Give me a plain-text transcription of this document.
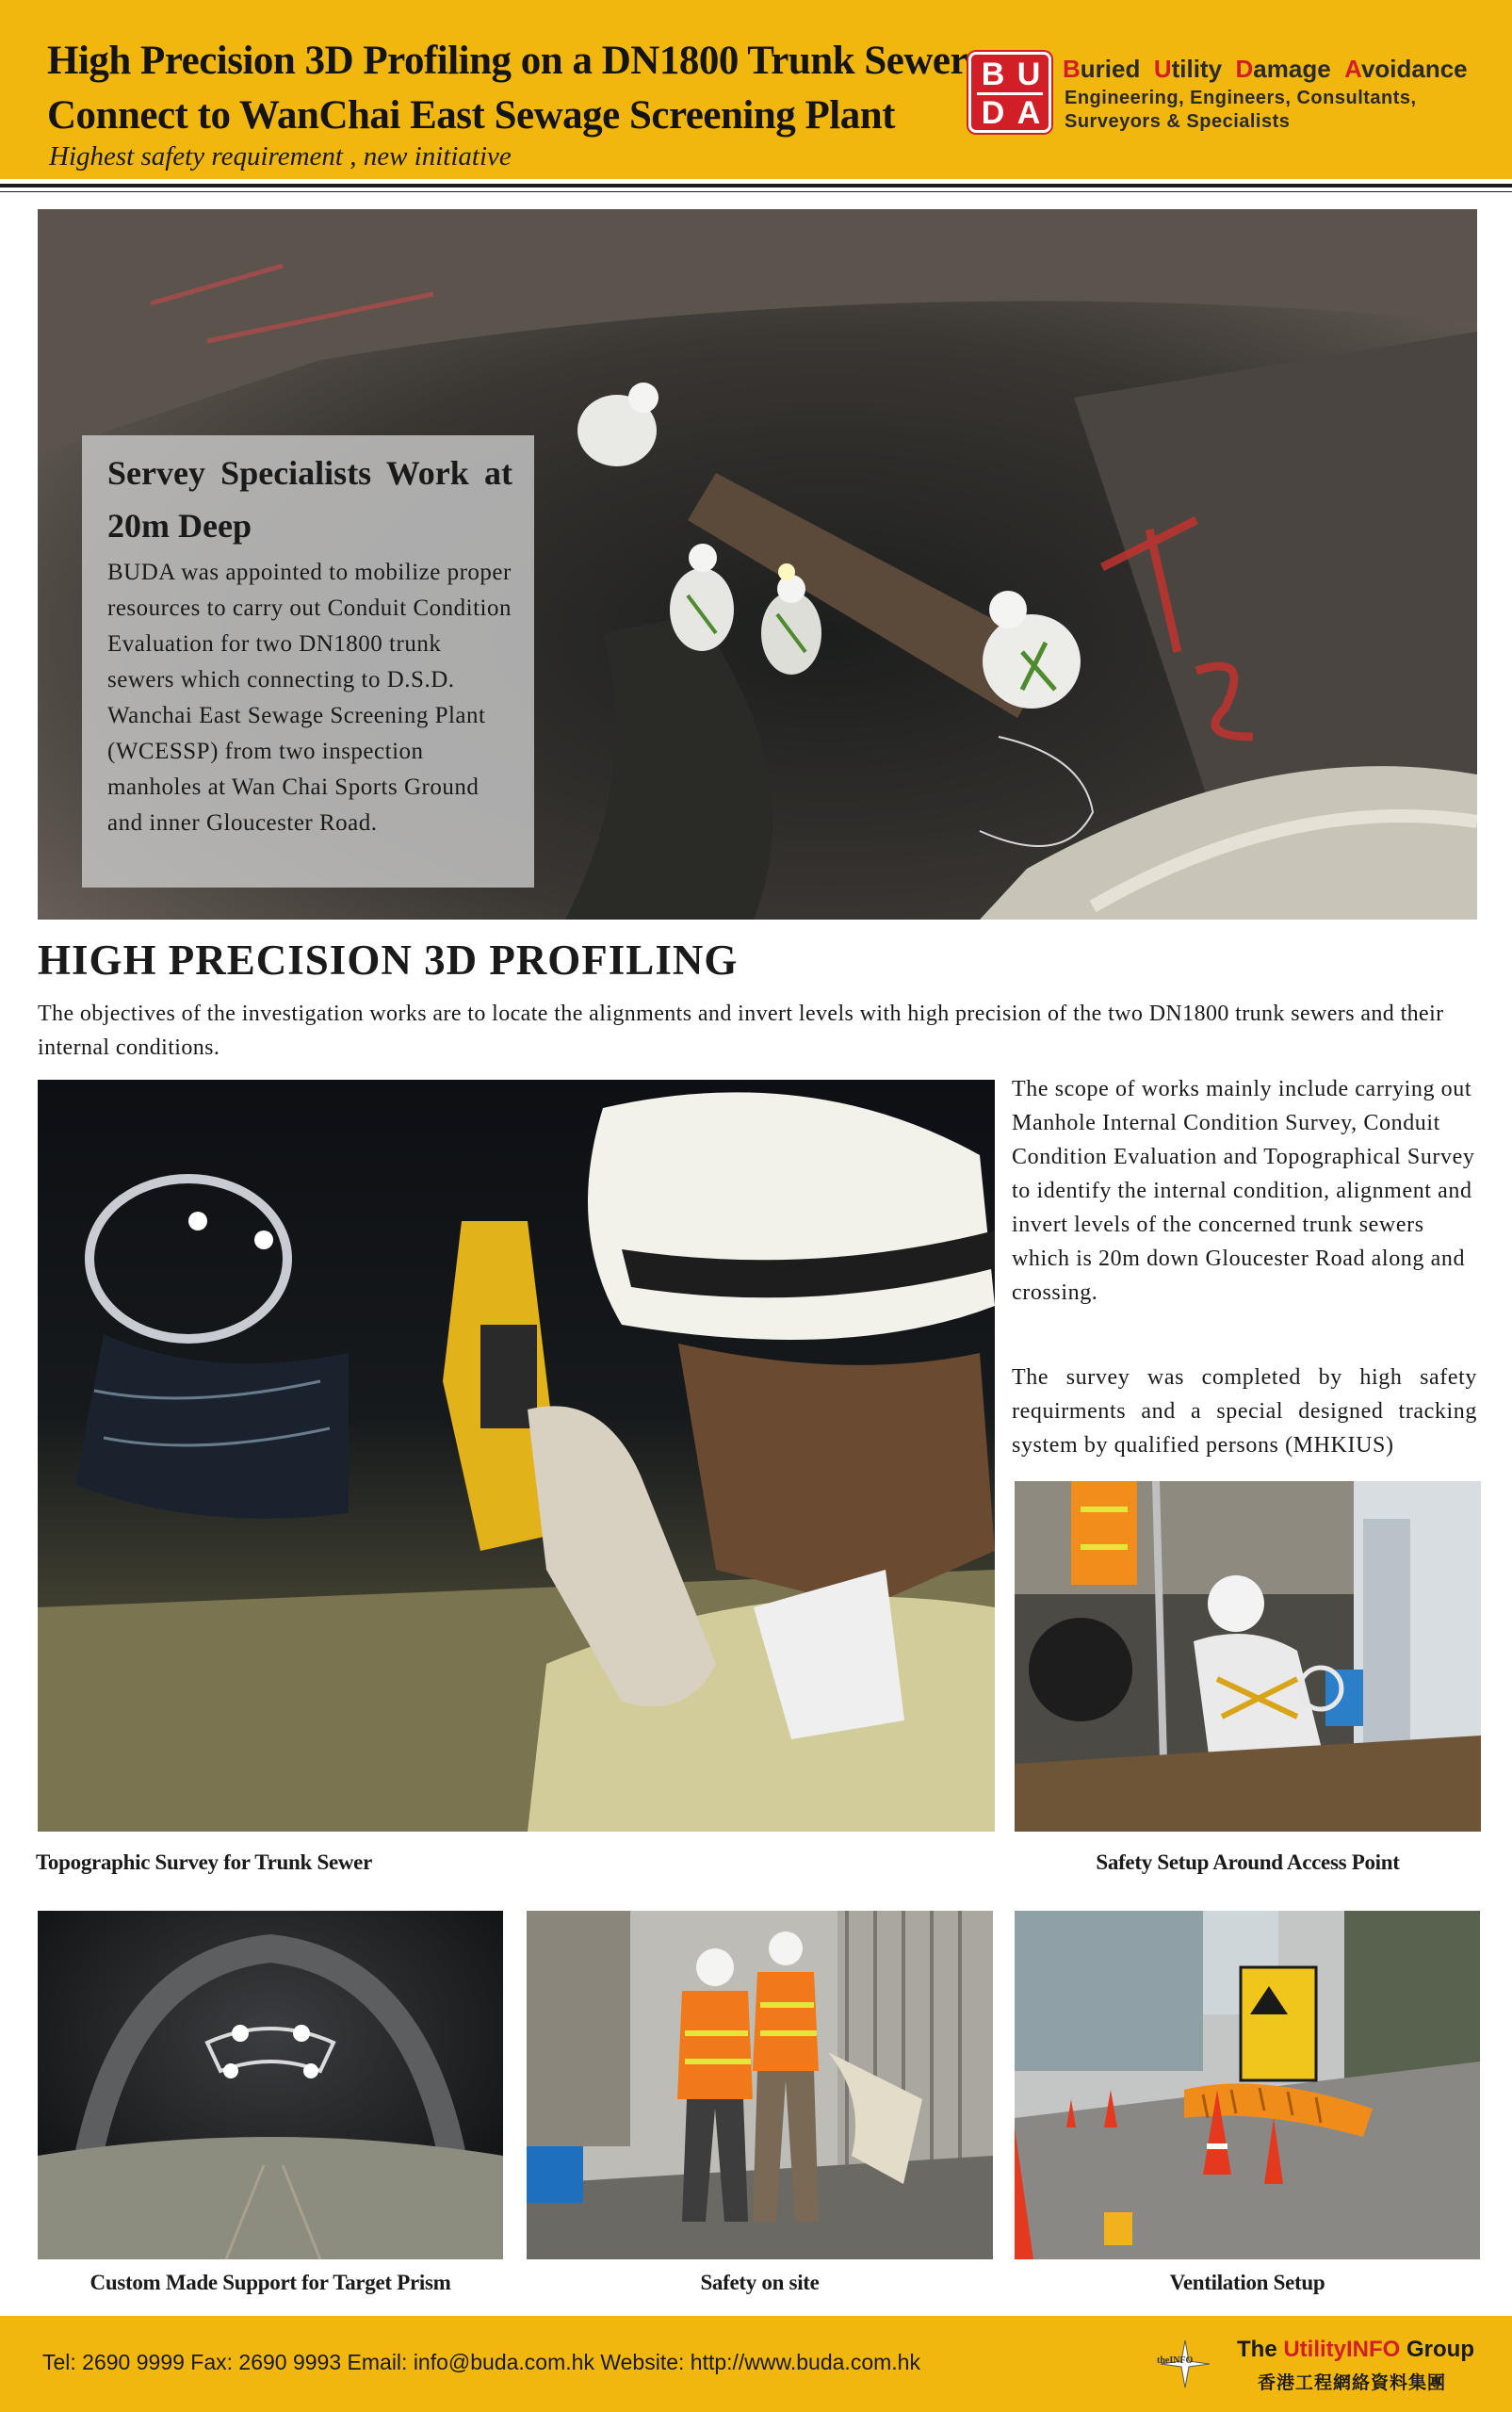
High Precision 3D Profiling on a DN1800 Trunk Sewer
Connect to WanChai East Sewage Screening Plant
Highest safety requirement , new initiative
B U
D A
Buried Utility Damage Avoidance
Engineering, Engineers, Consultants,
Surveyors & Specialists
Servey Specialists Work at 20m Deep
BUDA was appointed to mobilize proper resources to carry out Conduit Condition Evaluation for two DN1800 trunk sewers which connecting to D.S.D. Wanchai East Sewage Screening Plant (WCESSP) from two inspection manholes at Wan Chai Sports Ground and inner Gloucester Road.
HIGH PRECISION 3D PROFILING
The objectives of the investigation works are to locate the alignments and invert levels with high precision of the two DN1800 trunk sewers and their internal conditions.
The scope of works mainly include carrying out Manhole Internal Condition Survey, Conduit Condition Evaluation and Topographical Survey to identify the internal condition, alignment and invert levels of the concerned trunk sewers which is 20m down Gloucester Road along and crossing.
The survey was completed by high safety requirments and a special designed tracking system by qualified persons (MHKIUS)
Topographic Survey for Trunk Sewer	Safety Setup Around Access Point
Custom Made Support for Target Prism	Safety on site	Ventilation Setup
Tel: 2690 9999 Fax: 2690 9993 Email: info@buda.com.hk Website: http://www.buda.com.hk	theINFO The UtilityINFO Group
香港工程網絡資料集團
